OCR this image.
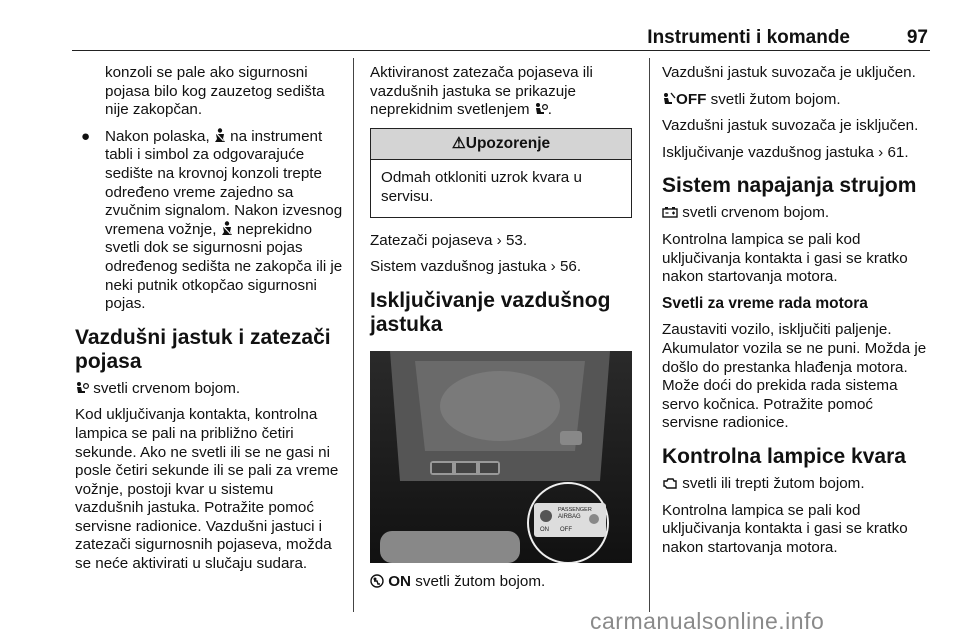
Instrumenti i komande	97

konzoli se pale ako sigurnosni pojasa bilo kog zauzetog sedišta nije zakopčan.

● Nakon polaska, na instrument tabli i simbol za odgovarajuće sedište na krovnoj konzoli trepte određeno vreme zajedno sa zvučnim signalom. Nakon izvesnog vremena vožnje, neprekidno svetli dok se sigurnosni pojas određenog sedišta ne zakopča ili je neki putnik otkopčao sigurnosni pojas.
Vazdušni jastuk i zatezači pojasa

svetli crvenom bojom.

Kod uključivanja kontakta, kontrolna lampica se pali na približno četiri sekunde. Ako ne svetli ili se ne gasi ni posle četiri sekunde ili se pali za vreme vožnje, postoji kvar u sistemu vazdušnih jastuka. Potražite pomoć servisne radionice. Vazdušni jastuci i zatezači sigurnosnih pojaseva, možda se neće aktivirati u slučaju sudara.

Aktiviranost zatezača pojaseva ili vazdušnih jastuka se prikazuje neprekidnim svetlenjem .

⚠Upozorenje
Odmah otkloniti uzrok kvara u servisu.

Zatezači pojaseva › 53.

Sistem vazdušnog jastuka › 56.

Isključivanje vazdušnog jastuka
PASSENGER
AIRBAG
ON OFF

ON svetli žutom bojom.

Vazdušni jastuk suvozača je uključen.

OFF svetli žutom bojom.

Vazdušni jastuk suvozača je isključen.

Isključivanje vazdušnog jastuka › 61.

Sistem napajanja strujom

svetli crvenom bojom.

Kontrolna lampica se pali kod uključivanja kontakta i gasi se kratko nakon startovanja motora.

Svetli za vreme rada motora

Zaustaviti vozilo, isključiti paljenje. Akumulator vozila se ne puni. Možda je došlo do prestanka hlađenja motora. Može doći do prekida rada sistema servo kočnica. Potražite pomoć servisne radionice.

Kontrolna lampice kvara

svetli ili trepti žutom bojom.

Kontrolna lampica se pali kod uključivanja kontakta i gasi se kratko nakon startovanja motora.

carmanualsonline.info
